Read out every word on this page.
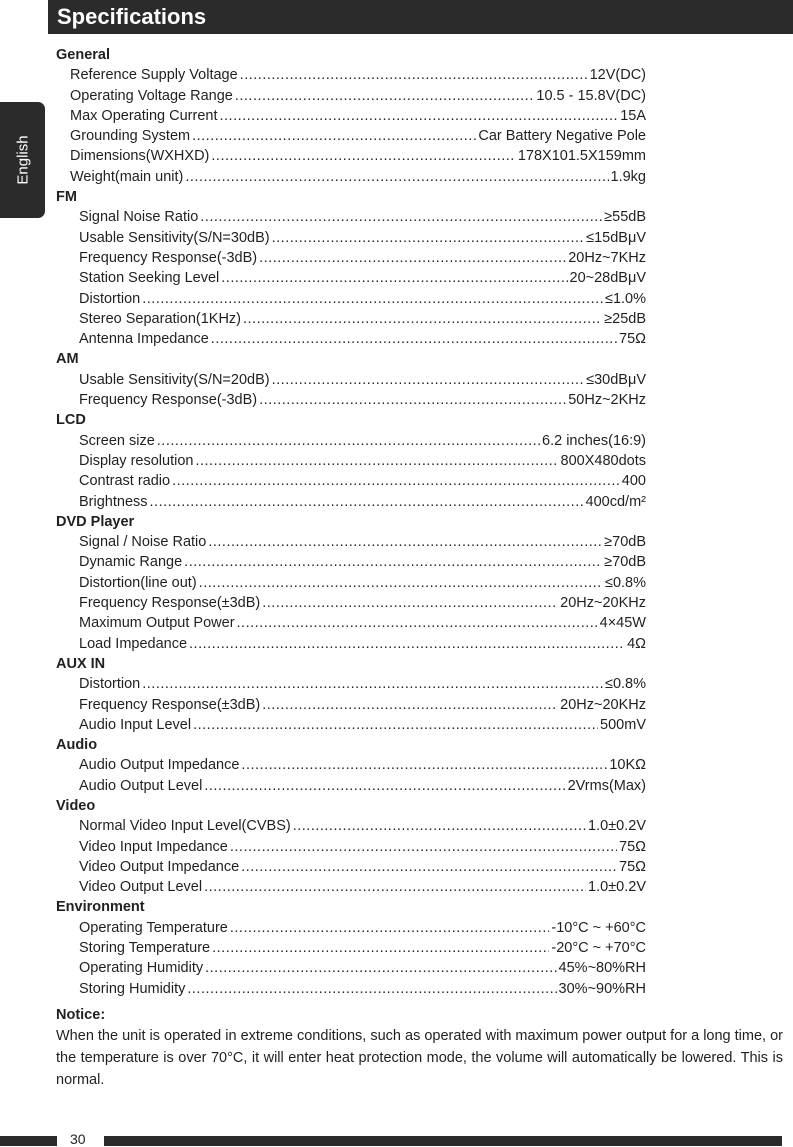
Specifications
English
General
Reference Supply Voltage .....	12V(DC)
Operating Voltage Range .....	10.5 - 15.8V(DC)
Max Operating Current .....	15A
Grounding System .....	Car Battery Negative Pole
Dimensions(WXHXD) .....	178X101.5X159mm
Weight(main unit) .....	1.9kg
FM
Signal Noise Ratio .....	≥55dB
Usable Sensitivity(S/N=30dB) .....	≤15dBμV
Frequency Response(-3dB) .....	20Hz~7KHz
Station Seeking Level .....	20~28dBμV
Distortion .....	≤1.0%
Stereo Separation(1KHz) .....	≥25dB
Antenna Impedance .....	75Ω
AM
Usable Sensitivity(S/N=20dB) .....	≤30dBμV
Frequency Response(-3dB) .....	50Hz~2KHz
LCD
Screen size .....	6.2 inches(16:9)
Display resolution .....	800X480dots
Contrast radio .....	400
Brightness .....	400cd/m²
DVD Player
Signal / Noise Ratio .....	≥70dB
Dynamic Range .....	≥70dB
Distortion(line out) .....	≤0.8%
Frequency Response(±3dB) .....	20Hz~20KHz
Maximum Output Power .....	4×45W
Load Impedance .....	4Ω
AUX IN
Distortion .....	≤0.8%
Frequency Response(±3dB) .....	20Hz~20KHz
Audio Input Level .....	500mV
Audio
Audio Output Impedance .....	10KΩ
Audio Output Level .....	2Vrms(Max)
Video
Normal Video Input Level(CVBS) .....	1.0±0.2V
Video Input Impedance .....	75Ω
Video Output Impedance .....	75Ω
Video Output Level .....	1.0±0.2V
Environment
Operating Temperature .....	-10°C ~ +60°C
Storing Temperature .....	-20°C ~ +70°C
Operating Humidity .....	45%~80%RH
Storing Humidity .....	30%~90%RH
Notice:
When the unit is operated in extreme conditions, such as operated with maximum power output for a long time, or the temperature is over 70°C, it will enter heat protection mode, the volume will automatically be lowered. This is normal.
30
